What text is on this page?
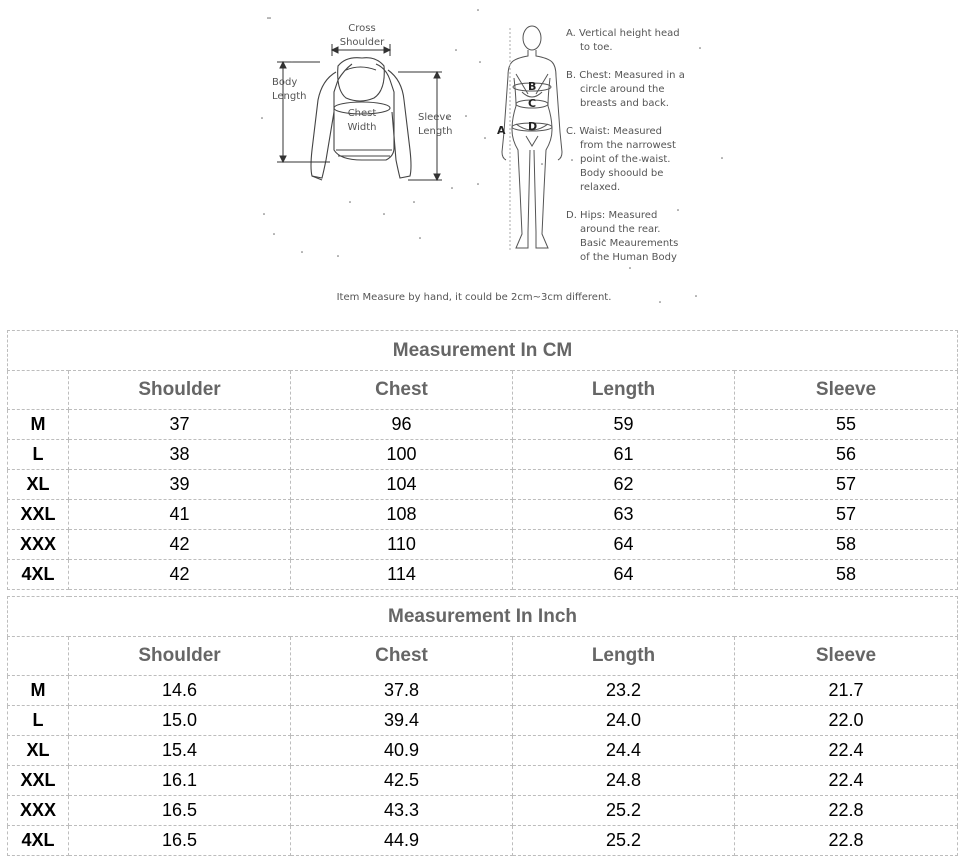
Cross
Shoulder
Body
Length
Chest
Width
Sleeve
Length
B
C
D
A
A. Vertical height head
to toe.
B. Chest: Measured in a
circle around the
breasts and back.
C. Waist: Measured
from the narrowest
point of the waist.
Body shoould be
relaxed.
D. Hips: Measured
around the rear.
Basic Meaurements
of the Human Body
Item Measure by hand, it could be 2cm~3cm different.
Measurement In CM				
	Shoulder	Chest	Length	Sleeve
M	37	96	59	55
L	38	100	61	56
XL	39	104	62	57
XXL	41	108	63	57
XXX	42	110	64	58
4XL	42	114	64	58
Measurement In Inch				
	Shoulder	Chest	Length	Sleeve
M	14.6	37.8	23.2	21.7
L	15.0	39.4	24.0	22.0
XL	15.4	40.9	24.4	22.4
XXL	16.1	42.5	24.8	22.4
XXX	16.5	43.3	25.2	22.8
4XL	16.5	44.9	25.2	22.8
